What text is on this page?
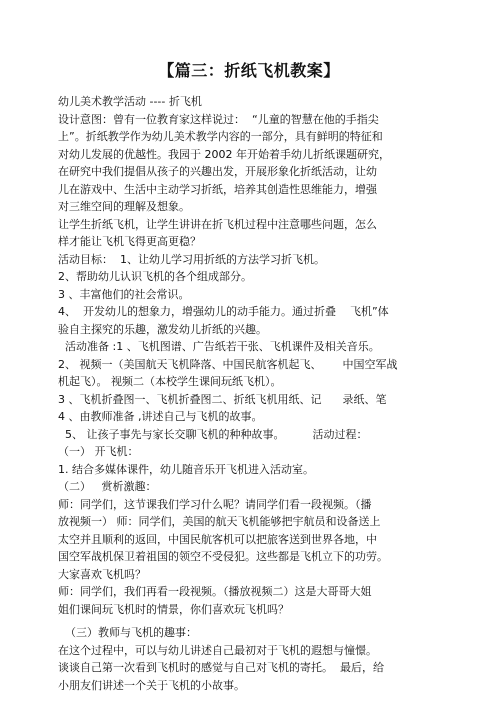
【篇三：折纸飞机教案】
幼儿美术教学活动 ---- 折飞机
设计意图：曾有一位教育家这样说过：  “儿童的智慧在他的手指尖
上”。折纸教学作为幼儿美术教学内容的一部分，具有鲜明的特征和
对幼儿发展的优越性。我园于 2002 年开始着手幼儿折纸课题研究，
在研究中我们提倡从孩子的兴趣出发，开展形象化折纸活动，让幼
儿在游戏中、生活中主动学习折纸，培养其创造性思维能力，增强
对三维空间的理解及想象。
让学生折纸飞机，让学生讲讲在折飞机过程中注意哪些问题，怎么
样才能让飞机飞得更高更稳？
活动目标：  1、让幼儿学习用折纸的方法学习折飞机。
2、帮助幼儿认识飞机的各个组成部分。
3 、丰富他们的社会常识。
4、  开发幼儿的想象力，增强幼儿的动手能力。通过折叠    飞机”体
验自主探究的乐趣，激发幼儿折纸的兴趣。
活动准备 :1 、飞机图谱、广告纸若干张、飞机课件及相关音乐。
2、 视频一（美国航天飞机降落、中国民航客机起飞、      中国空军战
机起飞）。 视频二（本校学生课间玩纸飞机）。
3 、飞机折叠图一、飞机折叠图二、折纸飞机用纸、记      录纸、笔
4 、由教师准备 ,讲述自己与飞机的故事。
5、 让孩子事先与家长交聊飞机的种种故事。        活动过程：
（一） 开飞机：
1. 结合多媒体课件，幼儿随音乐开飞机进入活动室。
（二）   赏析激趣：
师：同学们，这节课我们学习什么呢？请同学们看一段视频。（播
放视频一） 师：同学们，美国的航天飞机能够把宇航员和设备送上
太空并且顺利的返回，中国民航客机可以把旅客送到世界各地，中
国空军战机保卫着祖国的领空不受侵犯。这些都是飞机立下的功劳。
大家喜欢飞机吗？
师：同学们，我们再看一段视频。（播放视频二）这是大哥哥大姐
姐们课间玩飞机时的情景，你们喜欢玩飞机吗？
（三）教师与飞机的趣事：
在这个过程中，可以与幼儿讲述自己最初对于飞机的遐想与憧憬。
谈谈自己第一次看到飞机时的感觉与自己对飞机的寄托。  最后，给
小朋友们讲述一个关于飞机的小故事。
